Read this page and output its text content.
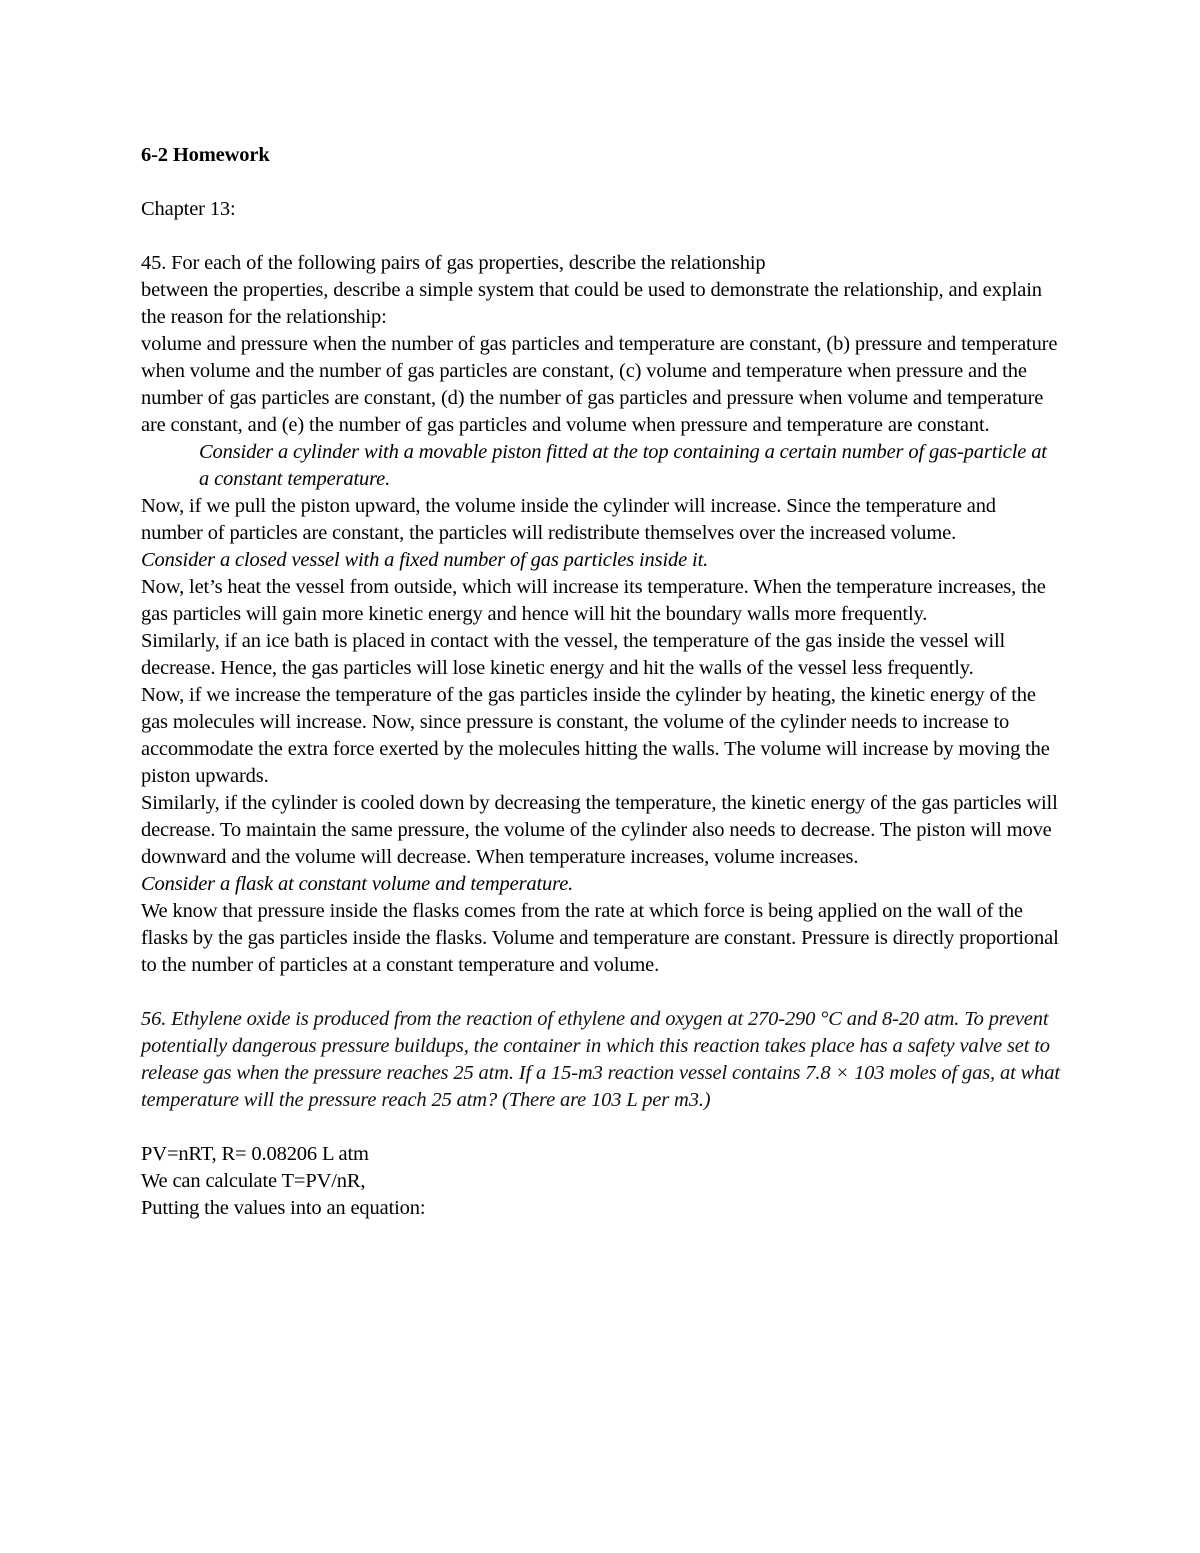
6-2 Homework

Chapter 13:

45. For each of the following pairs of gas properties, describe the relationship

between the properties, describe a simple system that could be used to demonstrate the relationship, and explain the reason for the relationship:

volume and pressure when the number of gas particles and temperature are constant, (b) pressure and temperature when volume and the number of gas particles are constant, (c) volume and temperature when pressure and the number of gas particles are constant, (d) the number of gas particles and pressure when volume and temperature are constant, and (e) the number of gas particles and volume when pressure and temperature are constant.

Consider a cylinder with a movable piston fitted at the top containing a certain number of gas-particle at a constant temperature.

Now, if we pull the piston upward, the volume inside the cylinder will increase. Since the temperature and number of particles are constant, the particles will redistribute themselves over the increased volume.

Consider a closed vessel with a fixed number of gas particles inside it.

Now, let’s heat the vessel from outside, which will increase its temperature. When the temperature increases, the gas particles will gain more kinetic energy and hence will hit the boundary walls more frequently.

Similarly, if an ice bath is placed in contact with the vessel, the temperature of the gas inside the vessel will decrease. Hence, the gas particles will lose kinetic energy and hit the walls of the vessel less frequently.

Now, if we increase the temperature of the gas particles inside the cylinder by heating, the kinetic energy of the gas molecules will increase. Now, since pressure is constant, the volume of the cylinder needs to increase to accommodate the extra force exerted by the molecules hitting the walls. The volume will increase by moving the piston upwards.

Similarly, if the cylinder is cooled down by decreasing the temperature, the kinetic energy of the gas particles will decrease. To maintain the same pressure, the volume of the cylinder also needs to decrease. The piston will move downward and the volume will decrease. When temperature increases, volume increases.

Consider a flask at constant volume and temperature.

We know that pressure inside the flasks comes from the rate at which force is being applied on the wall of the flasks by the gas particles inside the flasks. Volume and temperature are constant. Pressure is directly proportional to the number of particles at a constant temperature and volume.

56. Ethylene oxide is produced from the reaction of ethylene and oxygen at 270-290 °C and 8-20 atm. To prevent potentially dangerous pressure buildups, the container in which this reaction takes place has a safety valve set to release gas when the pressure reaches 25 atm. If a 15-m3 reaction vessel contains 7.8 × 103 moles of gas, at what temperature will the pressure reach 25 atm? (There are 103 L per m3.)

PV=nRT, R= 0.08206 L atm

We can calculate T=PV/nR,

Putting the values into an equation:
